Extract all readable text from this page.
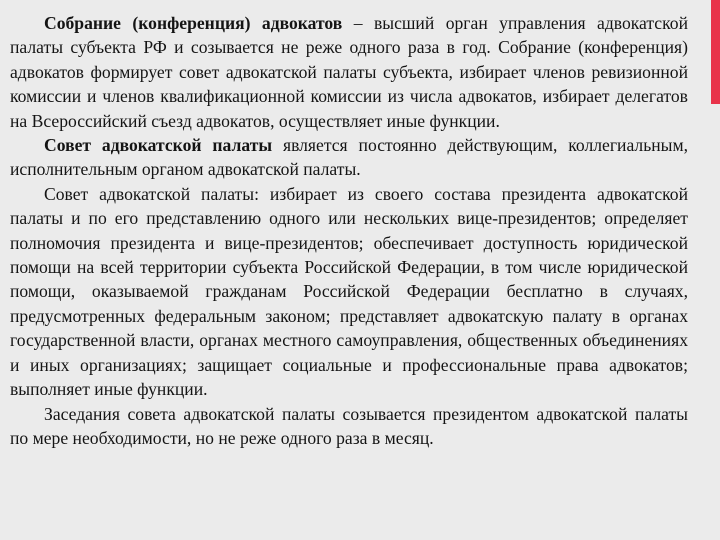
Собрание (конференция) адвокатов – высший орган управления адвокатской палаты субъекта РФ и созывается не реже одного раза в год. Собрание (конференция) адвокатов формирует совет адвокатской палаты субъекта, избирает членов ревизионной комиссии и членов квалификационной комиссии из числа адвокатов, избирает делегатов на Всероссийский съезд адвокатов, осуществляет иные функции.

Совет адвокатской палаты является постоянно действующим, коллегиальным, исполнительным органом адвокатской палаты.

Совет адвокатской палаты: избирает из своего состава президента адвокатской палаты и по его представлению одного или нескольких вице-президентов; определяет полномочия президента и вице-президентов; обеспечивает доступность юридической помощи на всей территории субъекта Российской Федерации, в том числе юридической помощи, оказываемой гражданам Российской Федерации бесплатно в случаях, предусмотренных федеральным законом; представляет адвокатскую палату в органах государственной власти, органах местного самоуправления, общественных объединениях и иных организациях; защищает социальные и профессиональные права адвокатов; выполняет иные функции.

Заседания совета адвокатской палаты созывается президентом адвокатской палаты по мере необходимости, но не реже одного раза в месяц.
